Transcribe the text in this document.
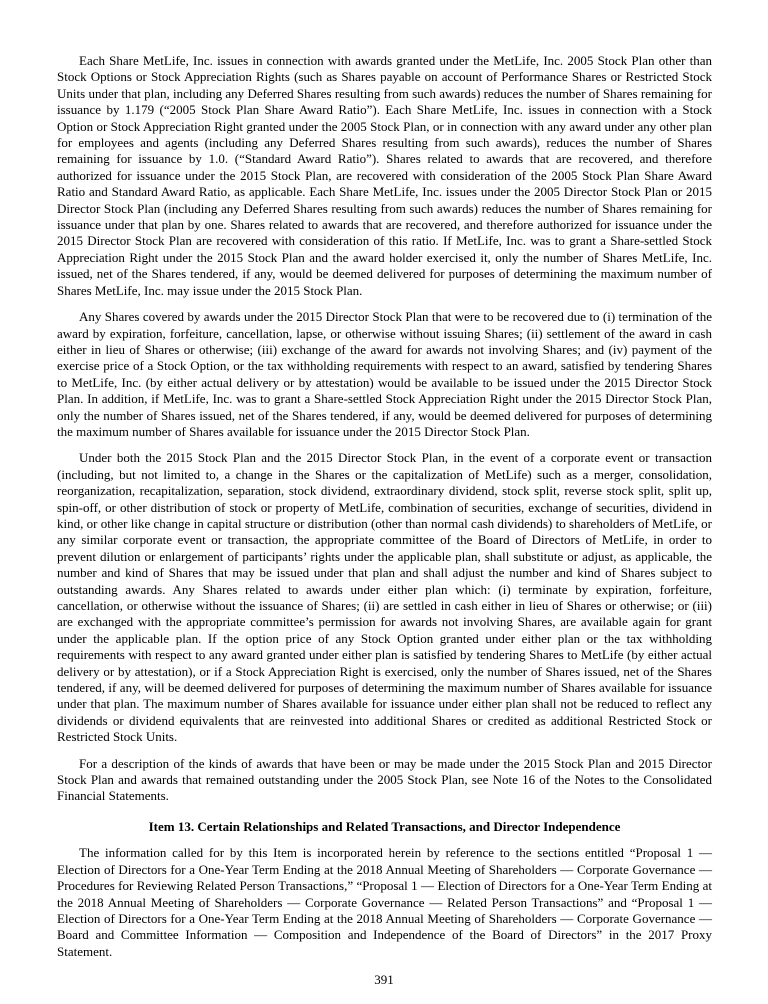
Each Share MetLife, Inc. issues in connection with awards granted under the MetLife, Inc. 2005 Stock Plan other than Stock Options or Stock Appreciation Rights (such as Shares payable on account of Performance Shares or Restricted Stock Units under that plan, including any Deferred Shares resulting from such awards) reduces the number of Shares remaining for issuance by 1.179 (“2005 Stock Plan Share Award Ratio”). Each Share MetLife, Inc. issues in connection with a Stock Option or Stock Appreciation Right granted under the 2005 Stock Plan, or in connection with any award under any other plan for employees and agents (including any Deferred Shares resulting from such awards), reduces the number of Shares remaining for issuance by 1.0. (“Standard Award Ratio”). Shares related to awards that are recovered, and therefore authorized for issuance under the 2015 Stock Plan, are recovered with consideration of the 2005 Stock Plan Share Award Ratio and Standard Award Ratio, as applicable. Each Share MetLife, Inc. issues under the 2005 Director Stock Plan or 2015 Director Stock Plan (including any Deferred Shares resulting from such awards) reduces the number of Shares remaining for issuance under that plan by one. Shares related to awards that are recovered, and therefore authorized for issuance under the 2015 Director Stock Plan are recovered with consideration of this ratio. If MetLife, Inc. was to grant a Share-settled Stock Appreciation Right under the 2015 Stock Plan and the award holder exercised it, only the number of Shares MetLife, Inc. issued, net of the Shares tendered, if any, would be deemed delivered for purposes of determining the maximum number of Shares MetLife, Inc. may issue under the 2015 Stock Plan.

Any Shares covered by awards under the 2015 Director Stock Plan that were to be recovered due to (i) termination of the award by expiration, forfeiture, cancellation, lapse, or otherwise without issuing Shares; (ii) settlement of the award in cash either in lieu of Shares or otherwise; (iii) exchange of the award for awards not involving Shares; and (iv) payment of the exercise price of a Stock Option, or the tax withholding requirements with respect to an award, satisfied by tendering Shares to MetLife, Inc. (by either actual delivery or by attestation) would be available to be issued under the 2015 Director Stock Plan. In addition, if MetLife, Inc. was to grant a Share-settled Stock Appreciation Right under the 2015 Director Stock Plan, only the number of Shares issued, net of the Shares tendered, if any, would be deemed delivered for purposes of determining the maximum number of Shares available for issuance under the 2015 Director Stock Plan.

Under both the 2015 Stock Plan and the 2015 Director Stock Plan, in the event of a corporate event or transaction (including, but not limited to, a change in the Shares or the capitalization of MetLife) such as a merger, consolidation, reorganization, recapitalization, separation, stock dividend, extraordinary dividend, stock split, reverse stock split, split up, spin-off, or other distribution of stock or property of MetLife, combination of securities, exchange of securities, dividend in kind, or other like change in capital structure or distribution (other than normal cash dividends) to shareholders of MetLife, or any similar corporate event or transaction, the appropriate committee of the Board of Directors of MetLife, in order to prevent dilution or enlargement of participants’ rights under the applicable plan, shall substitute or adjust, as applicable, the number and kind of Shares that may be issued under that plan and shall adjust the number and kind of Shares subject to outstanding awards. Any Shares related to awards under either plan which: (i) terminate by expiration, forfeiture, cancellation, or otherwise without the issuance of Shares; (ii) are settled in cash either in lieu of Shares or otherwise; or (iii) are exchanged with the appropriate committee’s permission for awards not involving Shares, are available again for grant under the applicable plan. If the option price of any Stock Option granted under either plan or the tax withholding requirements with respect to any award granted under either plan is satisfied by tendering Shares to MetLife (by either actual delivery or by attestation), or if a Stock Appreciation Right is exercised, only the number of Shares issued, net of the Shares tendered, if any, will be deemed delivered for purposes of determining the maximum number of Shares available for issuance under that plan. The maximum number of Shares available for issuance under either plan shall not be reduced to reflect any dividends or dividend equivalents that are reinvested into additional Shares or credited as additional Restricted Stock or Restricted Stock Units.

For a description of the kinds of awards that have been or may be made under the 2015 Stock Plan and 2015 Director Stock Plan and awards that remained outstanding under the 2005 Stock Plan, see Note 16 of the Notes to the Consolidated Financial Statements.

Item 13. Certain Relationships and Related Transactions, and Director Independence

The information called for by this Item is incorporated herein by reference to the sections entitled “Proposal 1 — Election of Directors for a One-Year Term Ending at the 2018 Annual Meeting of Shareholders — Corporate Governance — Procedures for Reviewing Related Person Transactions,” “Proposal 1 — Election of Directors for a One-Year Term Ending at the 2018 Annual Meeting of Shareholders — Corporate Governance — Related Person Transactions” and “Proposal 1 — Election of Directors for a One-Year Term Ending at the 2018 Annual Meeting of Shareholders — Corporate Governance — Board and Committee Information — Composition and Independence of the Board of Directors” in the 2017 Proxy Statement.

391
